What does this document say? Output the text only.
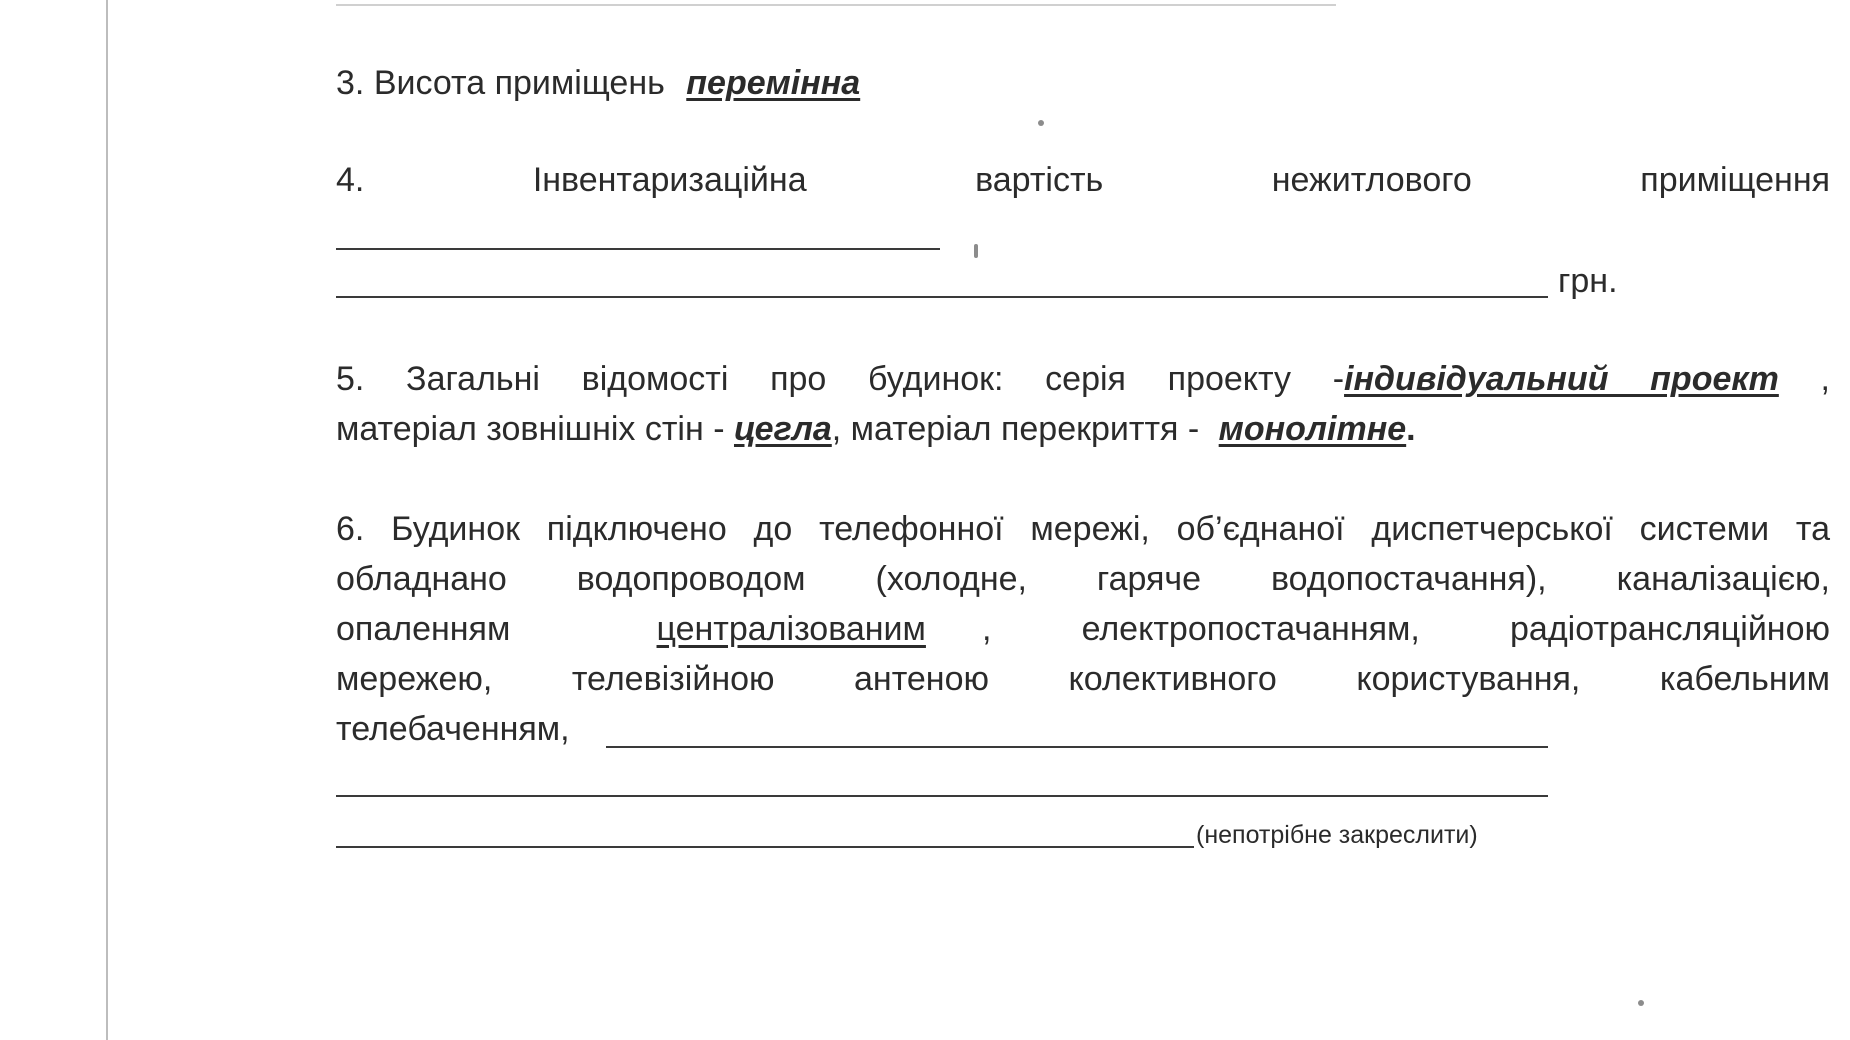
3. Висота приміщень перемінна
4.	Інвентаризаційна	вартість	нежитлового	приміщення
грн.
5. Загальні відомості про будинок: серія проекту -індивідуальний проект ,
матеріал зовнішніх стін - цегла, матеріал перекриття - монолітне.
6. Будинок підключено до телефонної мережі, об’єднаної диспетчерської системи та
обладнано водопроводом (холодне, гаряче водопостачання), каналізацією,
опаленням	централізованим , електропостачанням, радіотрансляційною
мережею, телевізійною антеною колективного користування, кабельним
телебаченням,
(непотрібне закреслити)
